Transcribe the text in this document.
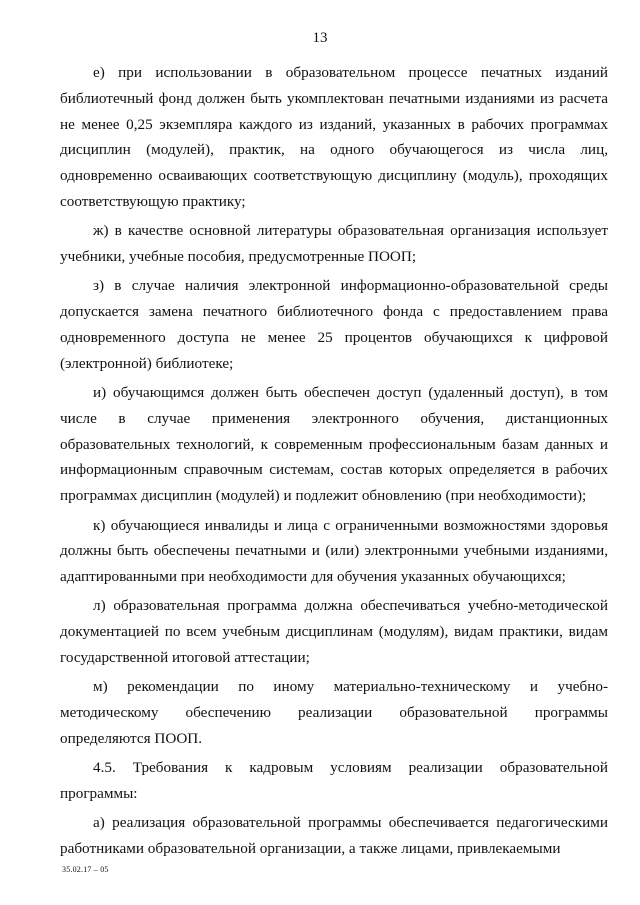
13

е) при использовании в образовательном процессе печатных изданий библиотечный фонд должен быть укомплектован печатными изданиями из расчета не менее 0,25 экземпляра каждого из изданий, указанных в рабочих программах дисциплин (модулей), практик, на одного обучающегося из числа лиц, одновременно осваивающих соответствующую дисциплину (модуль), проходящих соответствующую практику;

ж) в качестве основной литературы образовательная организация использует учебники, учебные пособия, предусмотренные ПООП;

з) в случае наличия электронной информационно-образовательной среды допускается замена печатного библиотечного фонда с предоставлением права одновременного доступа не менее 25 процентов обучающихся к цифровой (электронной) библиотеке;

и) обучающимся должен быть обеспечен доступ (удаленный доступ), в том числе в случае применения электронного обучения, дистанционных образовательных технологий, к современным профессиональным базам данных и информационным справочным системам, состав которых определяется в рабочих программах дисциплин (модулей) и подлежит обновлению (при необходимости);

к) обучающиеся инвалиды и лица с ограниченными возможностями здоровья должны быть обеспечены печатными и (или) электронными учебными изданиями, адаптированными при необходимости для обучения указанных обучающихся;

л) образовательная программа должна обеспечиваться учебно-методической документацией по всем учебным дисциплинам (модулям), видам практики, видам государственной итоговой аттестации;

м) рекомендации по иному материально-техническому и учебно-методическому обеспечению реализации образовательной программы определяются ПООП.

4.5. Требования к кадровым условиям реализации образовательной программы:

а) реализация образовательной программы обеспечивается педагогическими работниками образовательной организации, а также лицами, привлекаемыми

35.02.17 – 05
